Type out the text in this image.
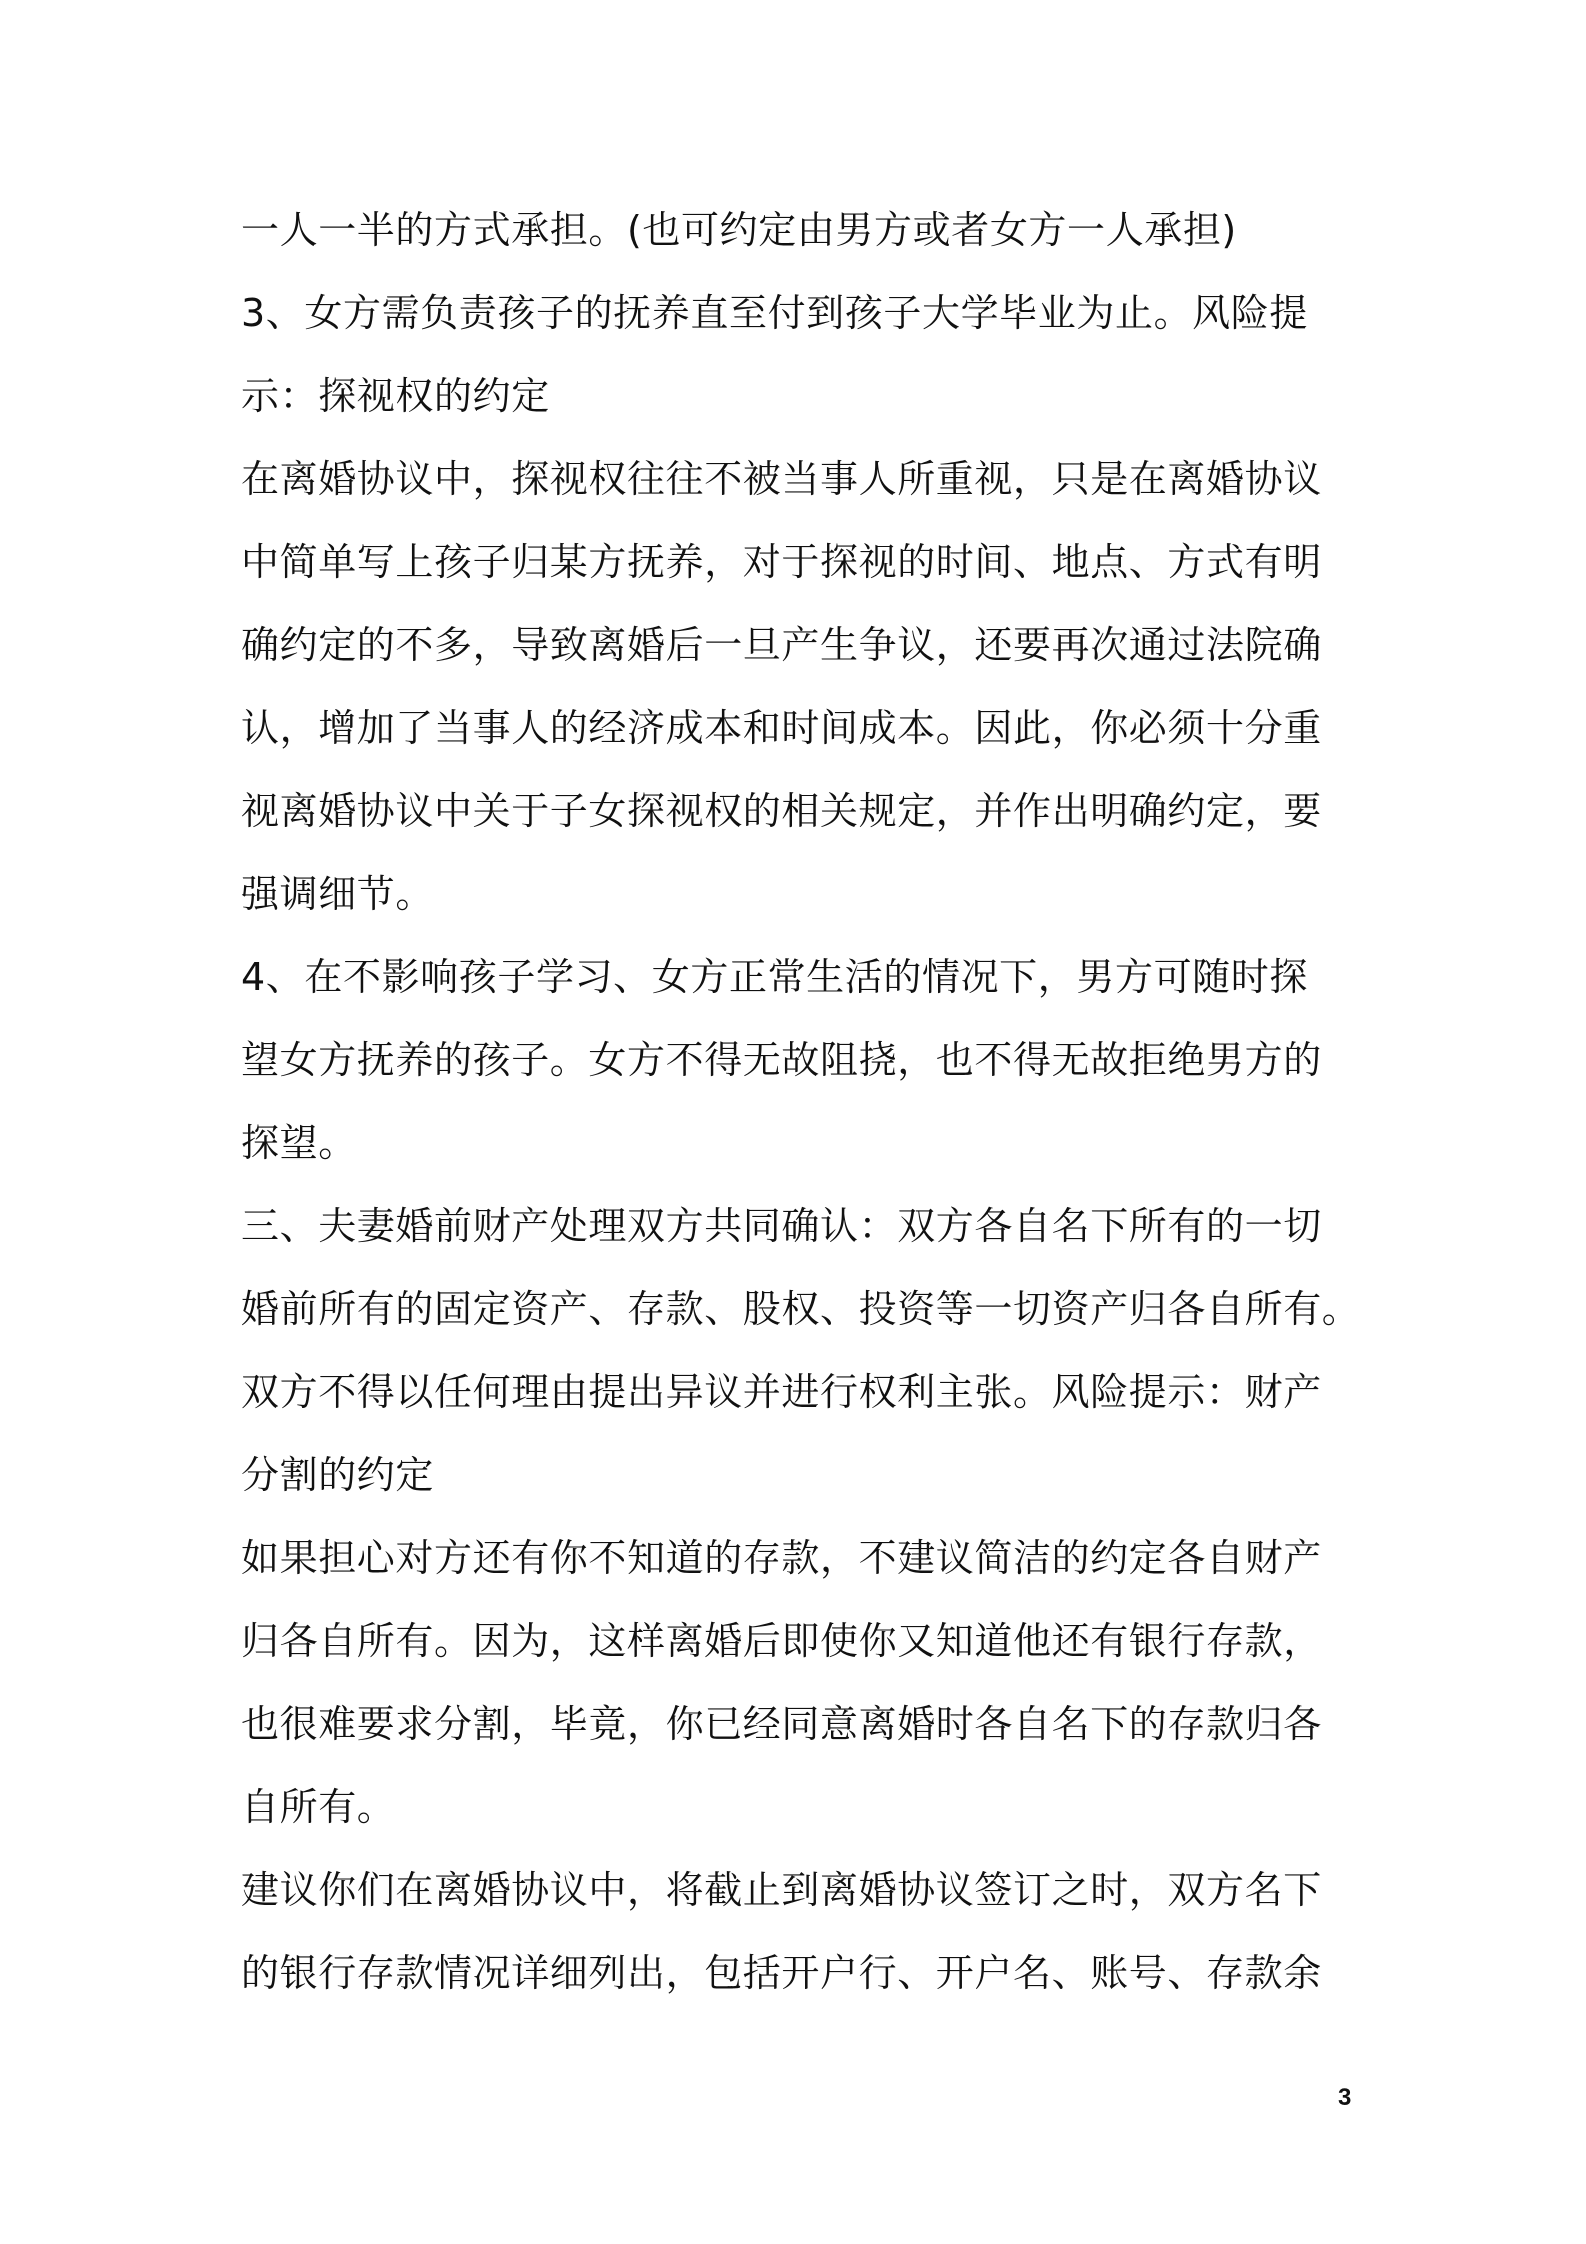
一人一半的方式承担。(也可约定由男方或者女方一人承担)

3、女方需负责孩子的抚养直至付到孩子大学毕业为止。风险提

示：探视权的约定

在离婚协议中，探视权往往不被当事人所重视，只是在离婚协议

中简单写上孩子归某方抚养，对于探视的时间、地点、方式有明

确约定的不多，导致离婚后一旦产生争议，还要再次通过法院确

认，增加了当事人的经济成本和时间成本。因此，你必须十分重

视离婚协议中关于子女探视权的相关规定，并作出明确约定，要

强调细节。

4、在不影响孩子学习、女方正常生活的情况下，男方可随时探

望女方抚养的孩子。女方不得无故阻挠，也不得无故拒绝男方的

探望。

三、夫妻婚前财产处理双方共同确认：双方各自名下所有的一切

婚前所有的固定资产、存款、股权、投资等一切资产归各自所有。

双方不得以任何理由提出异议并进行权利主张。风险提示：财产

分割的约定

如果担心对方还有你不知道的存款，不建议简洁的约定各自财产

归各自所有。因为，这样离婚后即使你又知道他还有银行存款，

也很难要求分割，毕竟，你已经同意离婚时各自名下的存款归各

自所有。

建议你们在离婚协议中，将截止到离婚协议签订之时，双方名下

的银行存款情况详细列出，包括开户行、开户名、账号、存款余

3
